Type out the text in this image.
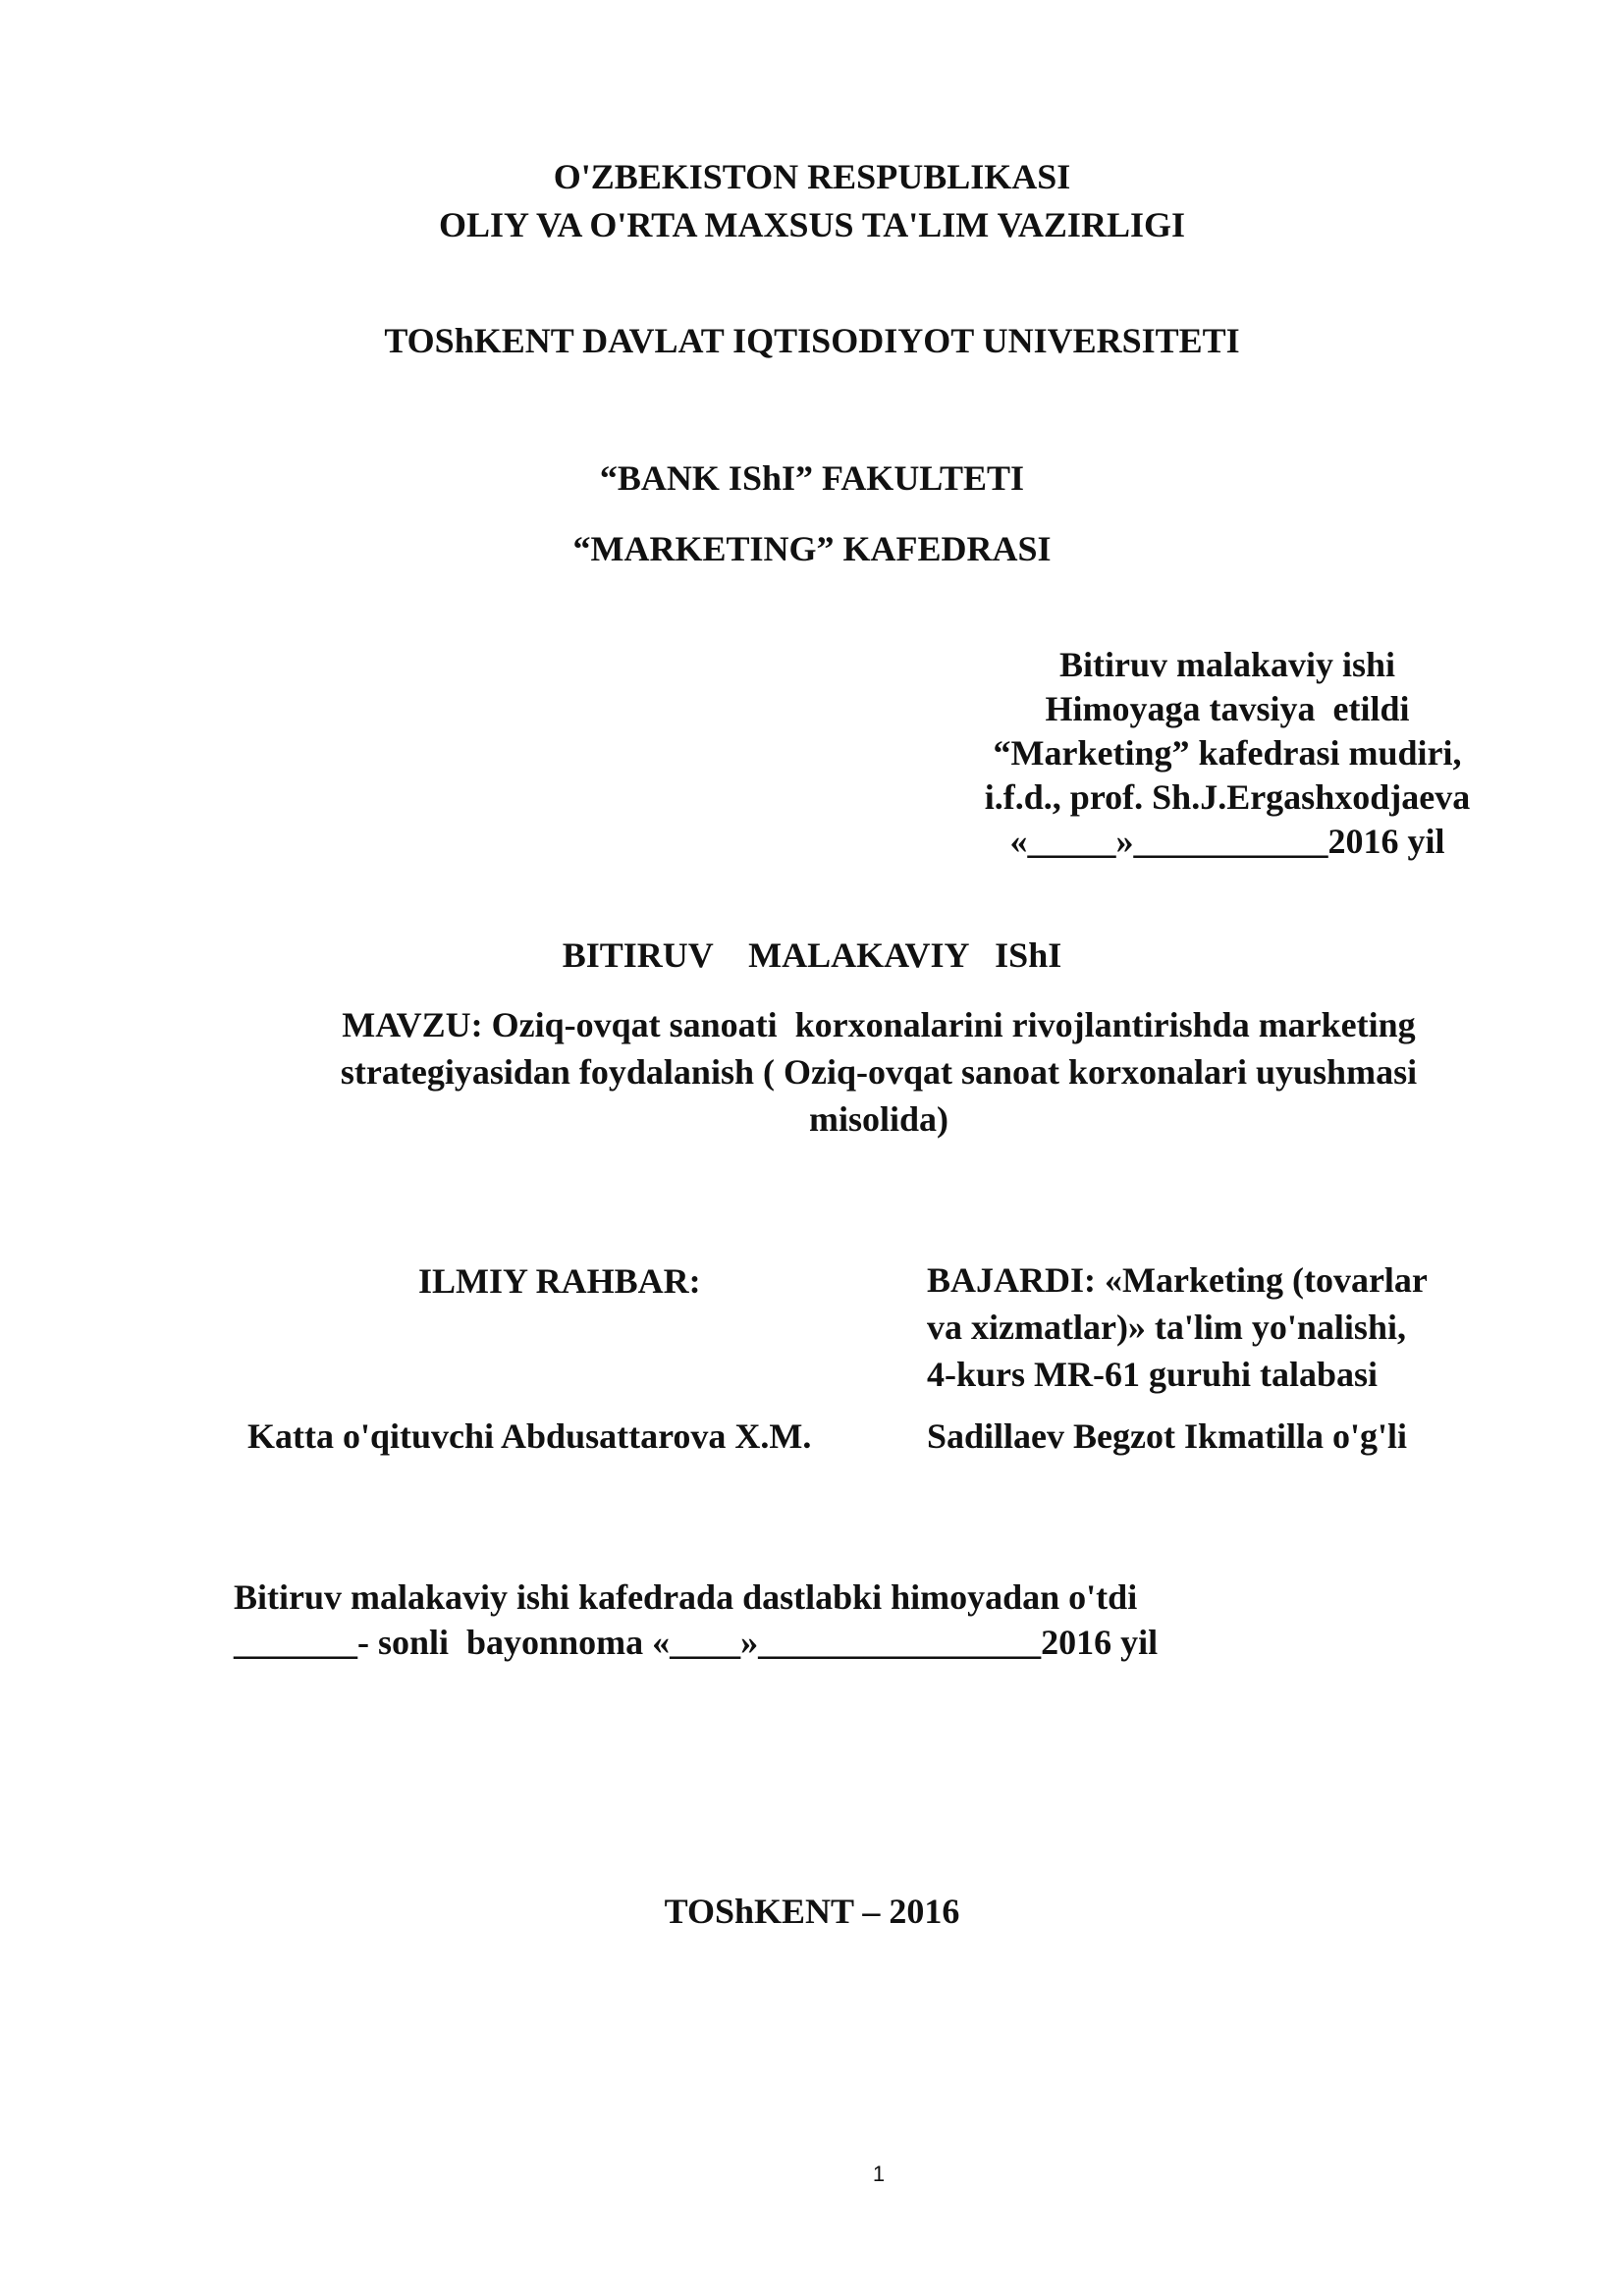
O'ZBEKISTON RESPUBLIKASI
OLIY VA O'RTA MAXSUS TA'LIM VAZIRLIGI
TOShKENT DAVLAT IQTISODIYOT UNIVERSITETI
“BANK IShI” FAKULTETI
“MARKETING” KAFEDRASI
Bitiruv malakaviy ishi
Himoyaga tavsiya  etildi
“Marketing” kafedrasi mudiri,
i.f.d., prof. Sh.J.Ergashxodjaeva
«_____»___________2016 yil
BITIRUV    MALAKAVIY   IShI
MAVZU: Oziq-ovqat sanoati  korxonalarini rivojlantirishda marketing
strategiyasidan foydalanish ( Oziq-ovqat sanoat korxonalari uyushmasi
misolida)
ILMIY RAHBAR:
Katta o'qituvchi Abdusattarova X.M.
BAJARDI: «Marketing (tovarlar
va xizmatlar)» ta'lim yo'nalishi,
4-kurs MR-61 guruhi talabasi
Sadillaev Begzot Ikmatilla o'g'li
Bitiruv malakaviy ishi kafedrada dastlabki himoyadan o'tdi
_______- sonli  bayonnoma «____»________________2016 yil
TOShKENT – 2016
1
